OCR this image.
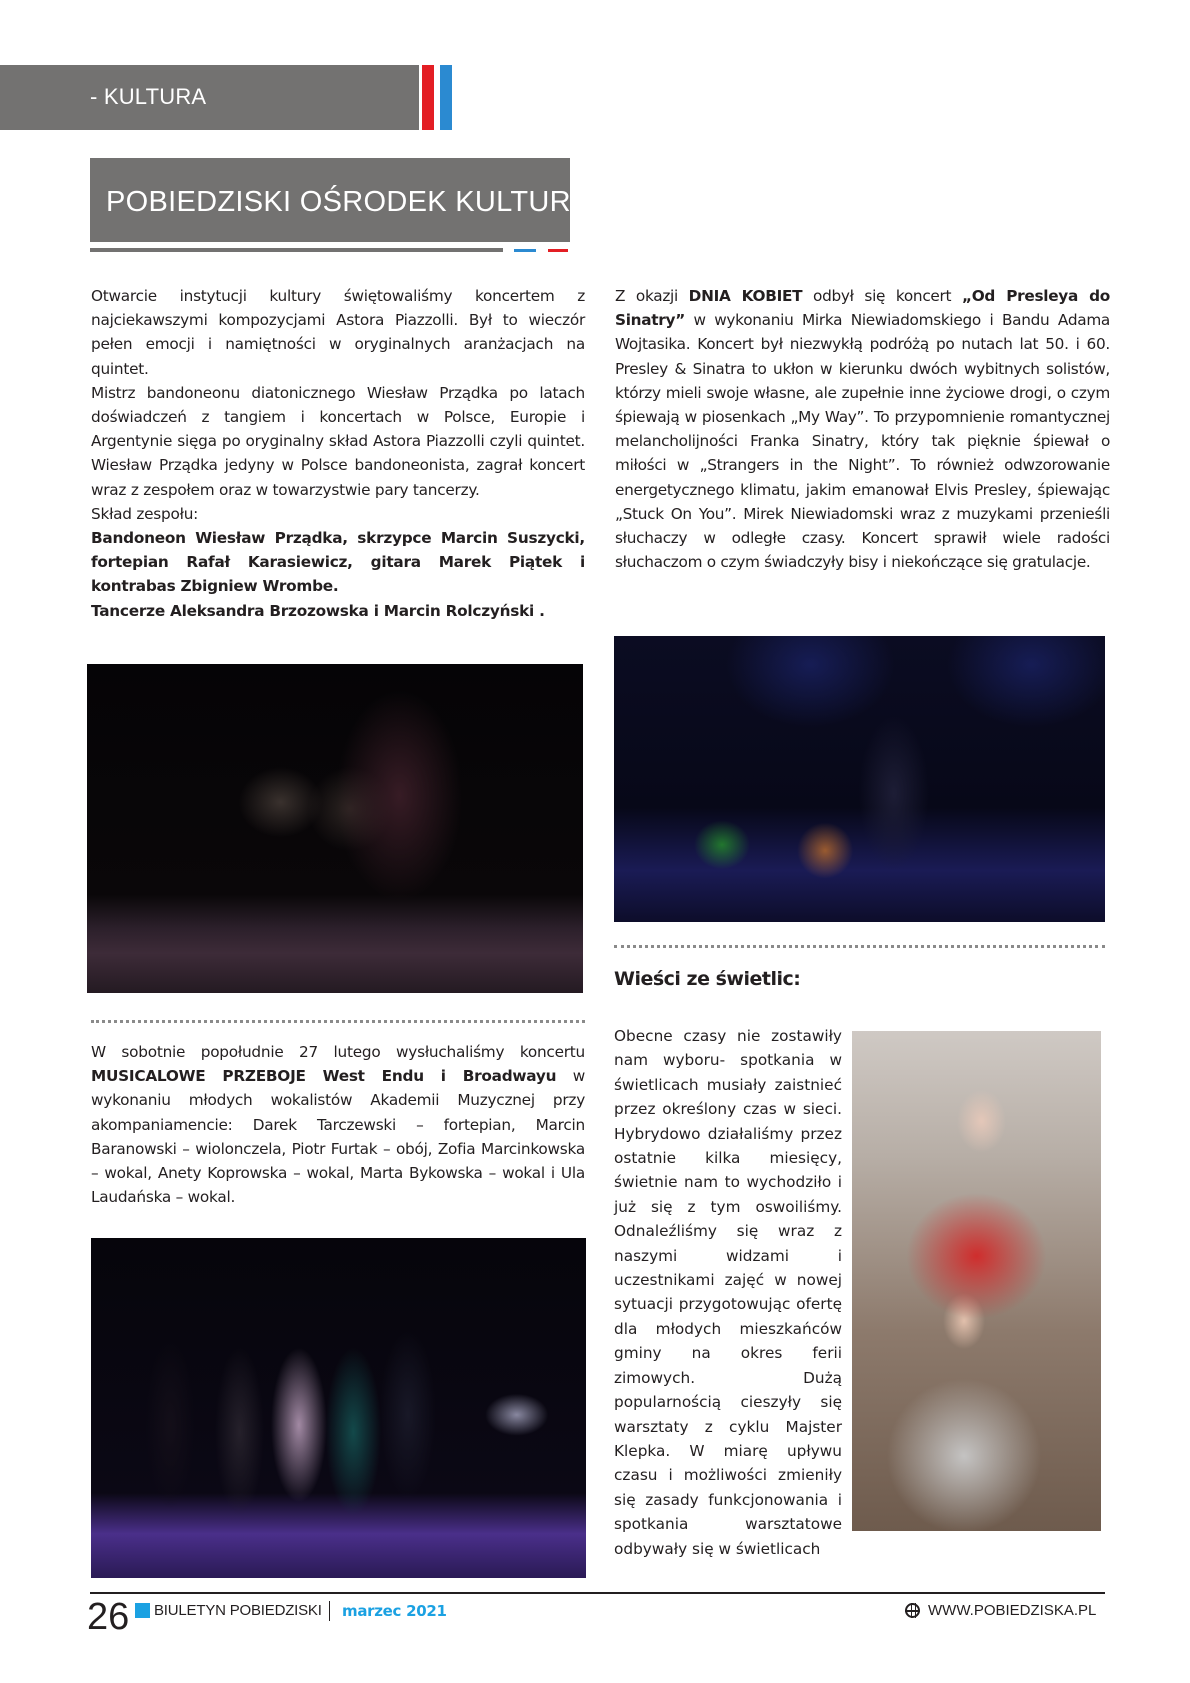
- KULTURA
POBIEDZISKI OŚRODEK KULTURY

Otwarcie instytucji kultury świętowaliśmy koncertem z najciekawszymi kompozycjami Astora Piazzolli. Był to wieczór pełen emocji i namiętności w oryginalnych aranżacjach na quintet.

Mistrz bandoneonu diatonicznego Wiesław Prządka po latach doświadczeń z tangiem i koncertach w Polsce, Europie i Argentynie sięga po oryginalny skład Astora Piazzolli czyli quintet. Wiesław Prządka jedyny w Polsce bandoneonista, zagrał koncert wraz z zespołem oraz w towarzystwie pary tancerzy.

Skład zespołu:

Bandoneon Wiesław Prządka, skrzypce Marcin Suszycki, fortepian Rafał Karasiewicz, gitara Marek Piątek i kontrabas Zbigniew Wrombe.

Tancerze Aleksandra Brzozowska i Marcin Rolczyński .

Z okazji DNIA KOBIET odbył się koncert „Od Presleya do Sinatry” w wykonaniu Mirka Niewiadomskiego i Bandu Adama Wojtasika. Koncert był niezwykłą podróżą po nutach lat 50. i 60. Presley & Sinatra to ukłon w kierunku dwóch wybitnych solistów, którzy mieli swoje własne, ale zupełnie inne życiowe drogi, o czym śpiewają w piosenkach „My Way”. To przypomnienie romantycznej melancholijności Franka Sinatry, który tak pięknie śpiewał o miłości w „Strangers in the Night”. To również odwzorowanie energetycznego klimatu, jakim emanował Elvis Presley, śpiewając „Stuck On You”. Mirek Niewiadomski wraz z muzykami przenieśli słuchaczy w odległe czasy. Koncert sprawił wiele radości słuchaczom o czym świadczyły bisy i niekończące się gratulacje.

Wieści ze świetlic:

W sobotnie popołudnie 27 lutego wysłuchaliśmy koncertu MUSICALOWE PRZEBOJE West Endu i Broadwayu w wykonaniu młodych wokalistów Akademii Muzycznej przy akompaniamencie: Darek Tarczewski – fortepian, Marcin Baranowski – wiolonczela, Piotr Furtak – obój, Zofia Marcinkowska – wokal, Anety Koprowska – wokal, Marta Bykowska – wokal i Ula Laudańska – wokal.

Obecne czasy nie zostawiły nam wyboru- spotkania w świetlicach musiały zaistnieć przez określony czas w sieci. Hybrydowo działaliśmy przez ostatnie kilka miesięcy, świetnie nam to wychodziło i już się z tym oswoiliśmy. Odnaleźliśmy się wraz z naszymi widzami i uczestnikami zajęć w nowej sytuacji przygotowując ofertę dla młodych mieszkańców gminy na okres ferii zimowych. Dużą popularnością cieszyły się warsztaty z cyklu Majster Klepka. W miarę upływu czasu i możliwości zmieniły się zasady funkcjonowania i spotkania warsztatowe odbywały się w świetlicach

26 BIULETYN POBIEDZISKI marzec 2021	WWW.POBIEDZISKA.PL
